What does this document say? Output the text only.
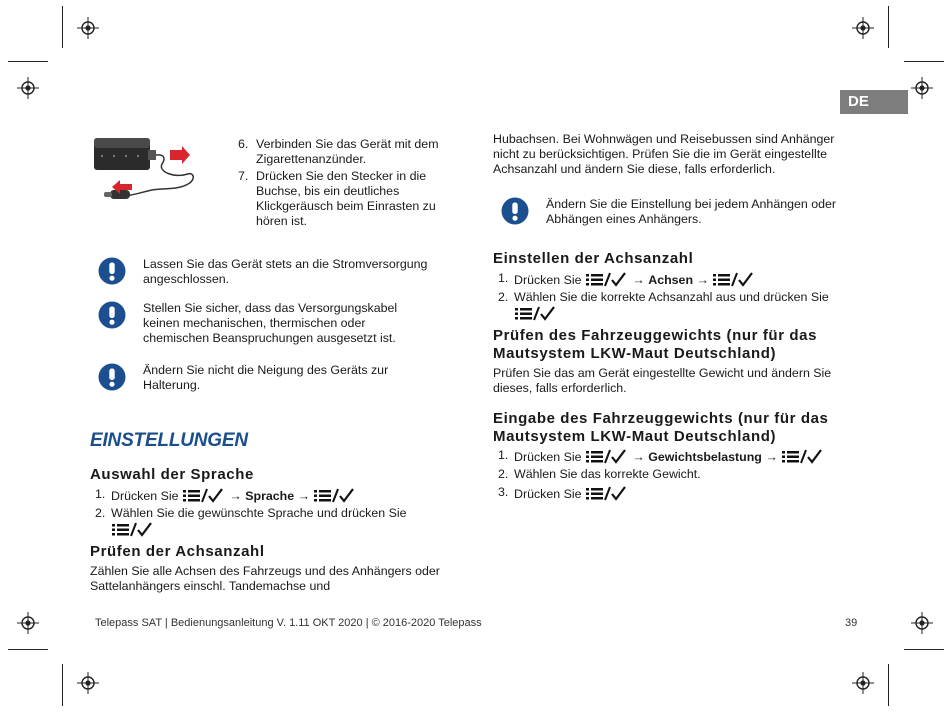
DE
6. Verbinden Sie das Gerät mit dem Zigarettenanzünder.
7. Drücken Sie den Stecker in die Buchse, bis ein deutliches Klickgeräusch beim Einrasten zu hören ist.
Lassen Sie das Gerät stets an die Stromversorgung angeschlossen.
Stellen Sie sicher, dass das Versorgungskabel keinen mechanischen, thermischen oder chemischen Beanspruchungen ausgesetzt ist.
Ändern Sie nicht die Neigung des Geräts zur Halterung.
EINSTELLUNGEN
Auswahl der Sprache
1. Drücken Sie	→ Sprache →
2. Wählen Sie die gewünschte Sprache und drücken Sie

Prüfen der Achsanzahl
Zählen Sie alle Achsen des Fahrzeugs und des Anhängers oder Sattelanhängers einschl. Tandemachse und
Hubachsen. Bei Wohnwägen und Reisebussen sind Anhänger nicht zu berücksichtigen. Prüfen Sie die im Gerät eingestellte Achsanzahl und ändern Sie diese, falls erforderlich.
Ändern Sie die Einstellung bei jedem Anhängen oder Abhängen eines Anhängers.
Einstellen der Achsanzahl
1. Drücken Sie	→ Achsen →
2. Wählen Sie die korrekte Achsanzahl aus und drücken Sie

Prüfen des Fahrzeuggewichts (nur für das Mautsystem LKW-Maut Deutschland)
Prüfen Sie das am Gerät eingestellte Gewicht und ändern Sie dieses, falls erforderlich.
Eingabe des Fahrzeuggewichts (nur für das Mautsystem LKW-Maut Deutschland)
1. Drücken Sie	→ Gewichtsbelastung →
2. Wählen Sie das korrekte Gewicht.
3. Drücken Sie
Telepass SAT | Bedienungsanleitung V. 1.11 OKT 2020 | © 2016-2020 Telepass	39
